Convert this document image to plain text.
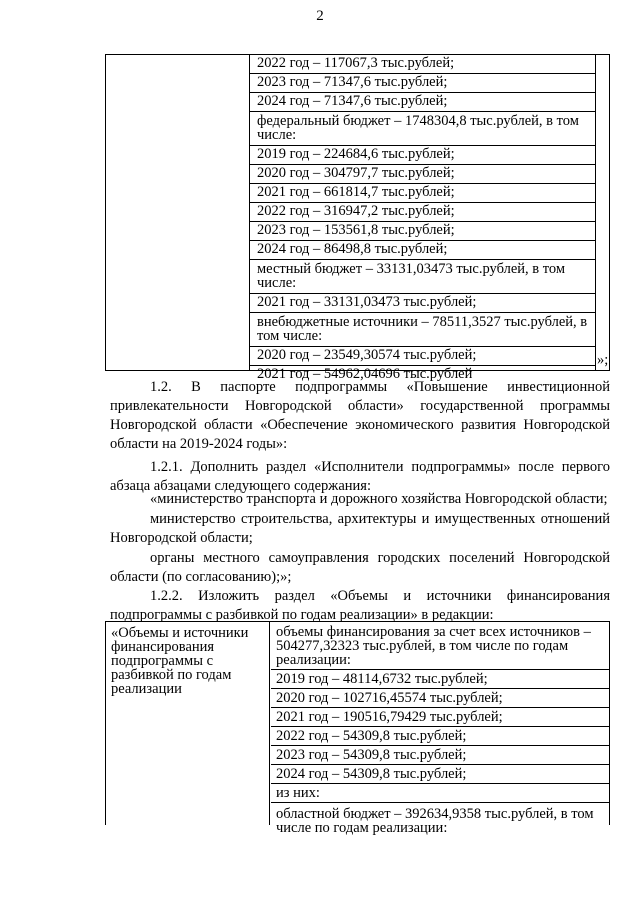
2
2022 год – 117067,3 тыс.рублей;
2023 год – 71347,6 тыс.рублей;
2024 год – 71347,6 тыс.рублей;
федеральный бюджет – 1748304,8 тыс.рублей, в том числе:
2019 год – 224684,6 тыс.рублей;
2020 год – 304797,7 тыс.рублей;
2021 год – 661814,7 тыс.рублей;
2022 год – 316947,2 тыс.рублей;
2023 год – 153561,8 тыс.рублей;
2024 год – 86498,8 тыс.рублей;
местный бюджет – 33131,03473 тыс.рублей, в том числе:
2021 год – 33131,03473 тыс.рублей;
внебюджетные источники – 78511,3527 тыс.рублей, в том числе:
2020 год – 23549,30574 тыс.рублей;
2021 год – 54962,04696 тыс.рублей
»;
1.2. В паспорте подпрограммы «Повышение инвестиционной привлекательности Новгородской области» государственной программы Новгородской области «Обеспечение экономического развития Новгородской области на 2019-2024 годы»:
1.2.1. Дополнить раздел «Исполнители подпрограммы» после первого абзаца абзацами следующего содержания:
«министерство транспорта и дорожного хозяйства Новгородской области;
министерство строительства, архитектуры и имущественных отношений Новгородской области;
органы местного самоуправления городских поселений Новгородской области (по согласованию);»;
1.2.2. Изложить раздел «Объемы и источники финансирования подпрограммы с разбивкой по годам реализации» в редакции:
«Объемы и источники финансирования подпрограммы с разбивкой по годам реализации
объемы финансирования за счет всех источников – 504277,32323 тыс.рублей, в том числе по годам реализации:
2019 год – 48114,6732 тыс.рублей;
2020 год – 102716,45574 тыс.рублей;
2021 год – 190516,79429 тыс.рублей;
2022 год – 54309,8 тыс.рублей;
2023 год – 54309,8 тыс.рублей;
2024 год – 54309,8 тыс.рублей;
из них:
областной бюджет – 392634,9358 тыс.рублей, в том числе по годам реализации:
